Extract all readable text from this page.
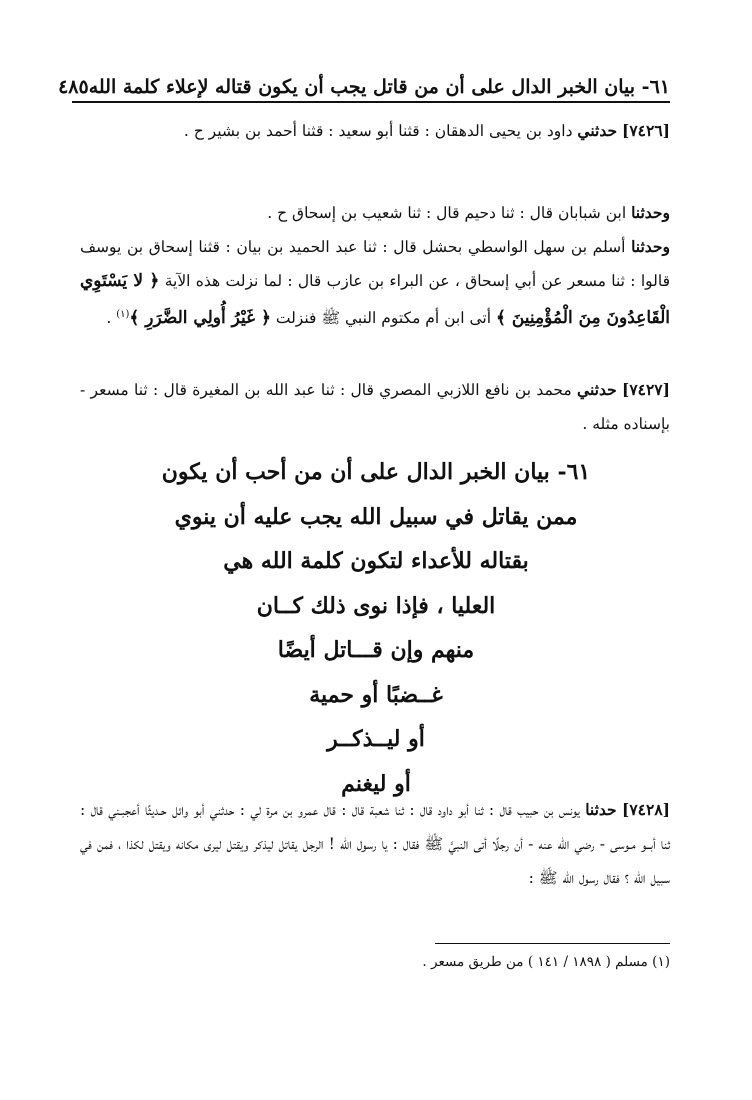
٦١- بيان الخبر الدال على أن من قاتل يجب أن يكون قتاله لإعلاء كلمة الله
٤٨٥

[٧٤٢٦] حدثني داود بن يحيى الدهقان : قثنا أبو سعيد : قثنا أحمد بن بشير ح .

وحدثنا ابن شبابان قال : ثنا دحيم قال : ثنا شعيب بن إسحاق ح .

وحدثنا أسلم بن سهل الواسطي بحشل قال : ثنا عبد الحميد بن بيان : قثنا إسحاق بن يوسف قالوا : ثنا مسعر عن أبي إسحاق ، عن البراء بن عازب قال : لما نزلت هذه الآية ﴿ لا يَسْتَوِي الْقَاعِدُونَ مِنَ الْمُؤْمِنِينَ ﴾ أتى ابن أم مكتوم النبي ﷺ فنزلت ﴿ غَيْرُ أُولِي الضَّرَرِ ﴾$^{(١)}$ .

[٧٤٢٧] حدثني محمد بن نافع اللازبي المصري قال : ثنا عبد الله بن المغيرة قال : ثنا مسعر - بإسناده مثله .

٦١- بيان الخبر الدال على أن من أحب أن يكون
ممن يقاتل في سبيل الله يجب عليه أن ينوي
بقتاله للأعداء لتكون كلمة الله هي
العليا ، فإذا نوى ذلك كــان
منهم وإن قـــاتل أيضًا
غــضبًا أو حمية
أو ليــذكــر
أو ليغنم

[٧٤٢٨] حدثنا يونس بن حبيب قال : ثنا أبو داود قال : ثنا شعبة قال : قال عمرو بن مرة لي : حدثني أبو وائل حـديثًا أعجبـني قال : ثنا أبــو مـوسى - رضي الله عنه - أن رجلًا أتى النبيَّ ﷺ فقال : يا رسول الله ! الرجل يقاتل ليذكر ويقتل ليرى مكانه ويقتل لكذا ، فمن في سبيل الله ؟ فقال رسول الله ﷺ :

(١) مسلم ( ١٨٩٨ / ١٤١ ) من طريق مسعر .
